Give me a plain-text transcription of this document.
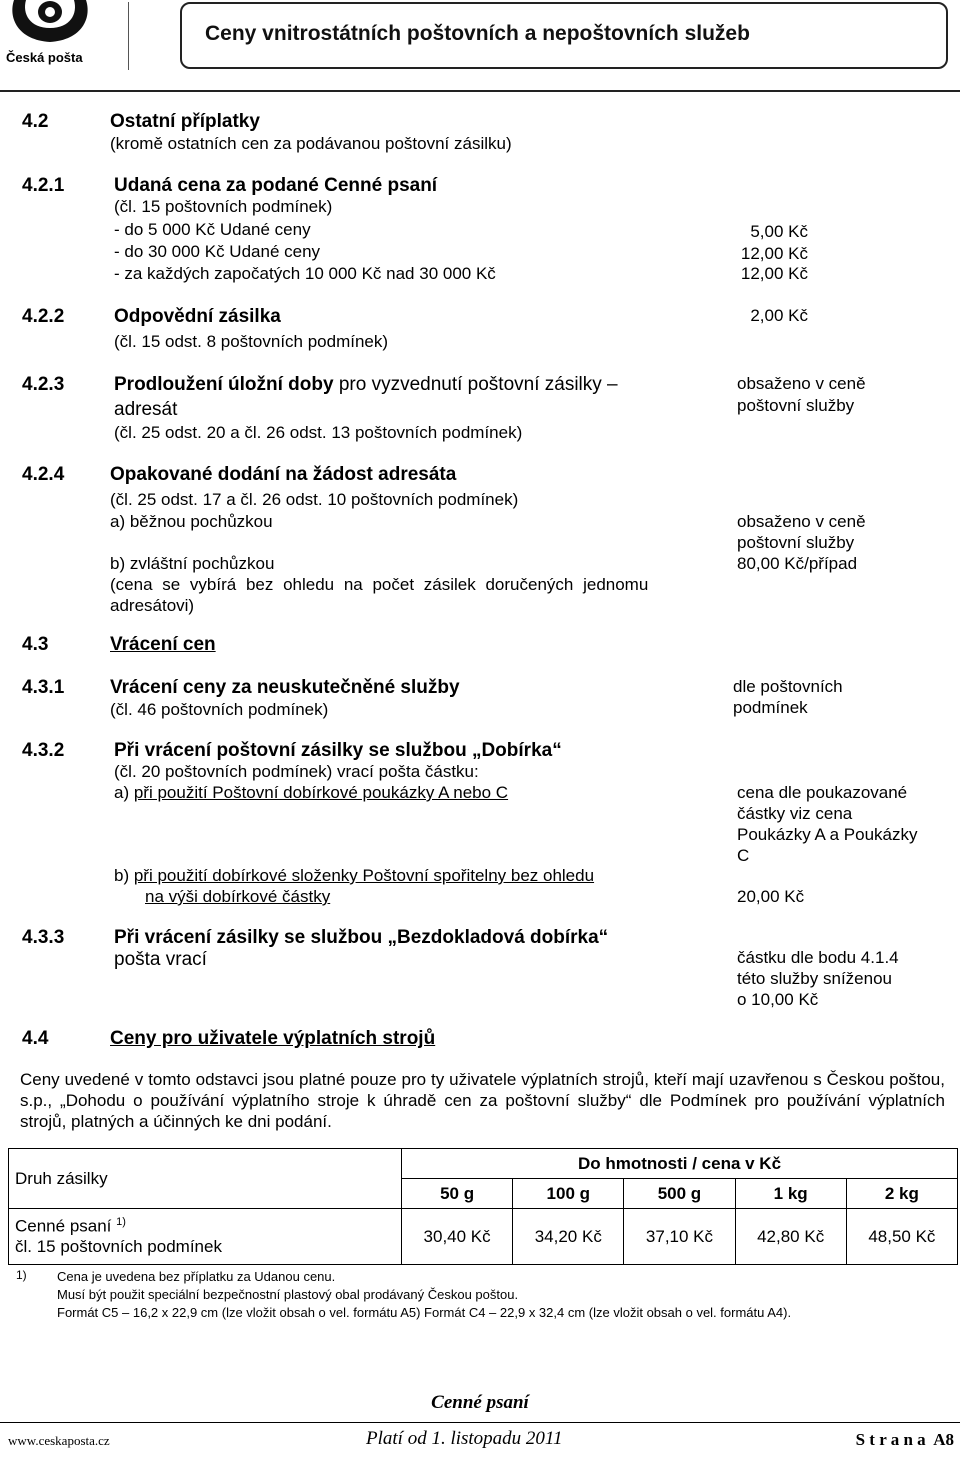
Česká pošta
Ceny vnitrostátních poštovních a nepoštovních služeb
4.2	Ostatní příplatky
(kromě ostatních cen za podávanou poštovní zásilku)
4.2.1	Udaná cena za podané Cenné psaní
(čl. 15 poštovních podmínek)
- do 5 000 Kč Udané ceny	5,00 Kč
- do 30 000 Kč Udané ceny	12,00 Kč
- za každých započatých 10 000 Kč nad 30 000 Kč	12,00 Kč
4.2.2	Odpovědní zásilka	2,00 Kč
(čl. 15 odst. 8 poštovních podmínek)
4.2.3	Prodloužení úložní doby pro vyzvednutí poštovní zásilky –
adresát
obsaženo v ceně
poštovní služby
(čl. 25 odst. 20 a čl. 26 odst. 13 poštovních podmínek)
4.2.4 Opakované dodání na žádost adresáta
(čl. 25 odst. 17 a čl. 26 odst. 10 poštovních podmínek)
a) běžnou pochůzkou	obsaženo v ceně
poštovní služby
b) zvláštní pochůzkou	80,00 Kč/případ
(cena se vybírá bez ohledu na počet zásilek doručených jednomu
adresátovi)
4.3	Vrácení cen
4.3.1 Vrácení ceny za neuskutečněné služby
(čl. 46 poštovních podmínek)
dle poštovních
podmínek
4.3.2	Při vrácení poštovní zásilky se službou „Dobírka“
(čl. 20 poštovních podmínek) vrací pošta částku:
a) při použití Poštovní dobírkové poukázky A nebo C	cena dle poukazované
částky viz cena
Poukázky A a Poukázky
C
b) při použití dobírkové složenky Poštovní spořitelny bez ohledu
na výši dobírkové částky	20,00 Kč
4.3.3	Při vrácení zásilky se službou „Bezdokladová dobírka“
pošta vrací	částku dle bodu 4.1.4
této služby sníženou
o 10,00 Kč
4.4	Ceny pro uživatele výplatních strojů
Ceny uvedené v tomto odstavci jsou platné pouze pro ty uživatele výplatních strojů, kteří mají uzavřenou s Českou poštou, s.p., „Dohodu o používání výplatního stroje k úhradě cen za poštovní služby“ dle Podmínek pro používání výplatních strojů, platných a účinných ke dni podání.
Druh zásilky	Do hmotnosti / cena v Kč				
	50 g	100 g	500 g	1 kg	2 kg

Cenné psaní $^{1)}$
čl. 15 poštovních podmínek	30,40 Kč	34,20 Kč	37,10 Kč	42,80 Kč	48,50 Kč
1) Cena je uvedena bez příplatku za Udanou cenu.
Musí být použit speciální bezpečnostní plastový obal prodávaný Českou poštou.
Formát C5 – 16,2 x 22,9 cm (lze vložit obsah o vel. formátu A5) Formát C4 – 22,9 x 32,4 cm (lze vložit obsah o vel. formátu A4).
Cenné psaní
www.ceskaposta.cz	Platí od 1. listopadu 2011	S t r a n a  A8
